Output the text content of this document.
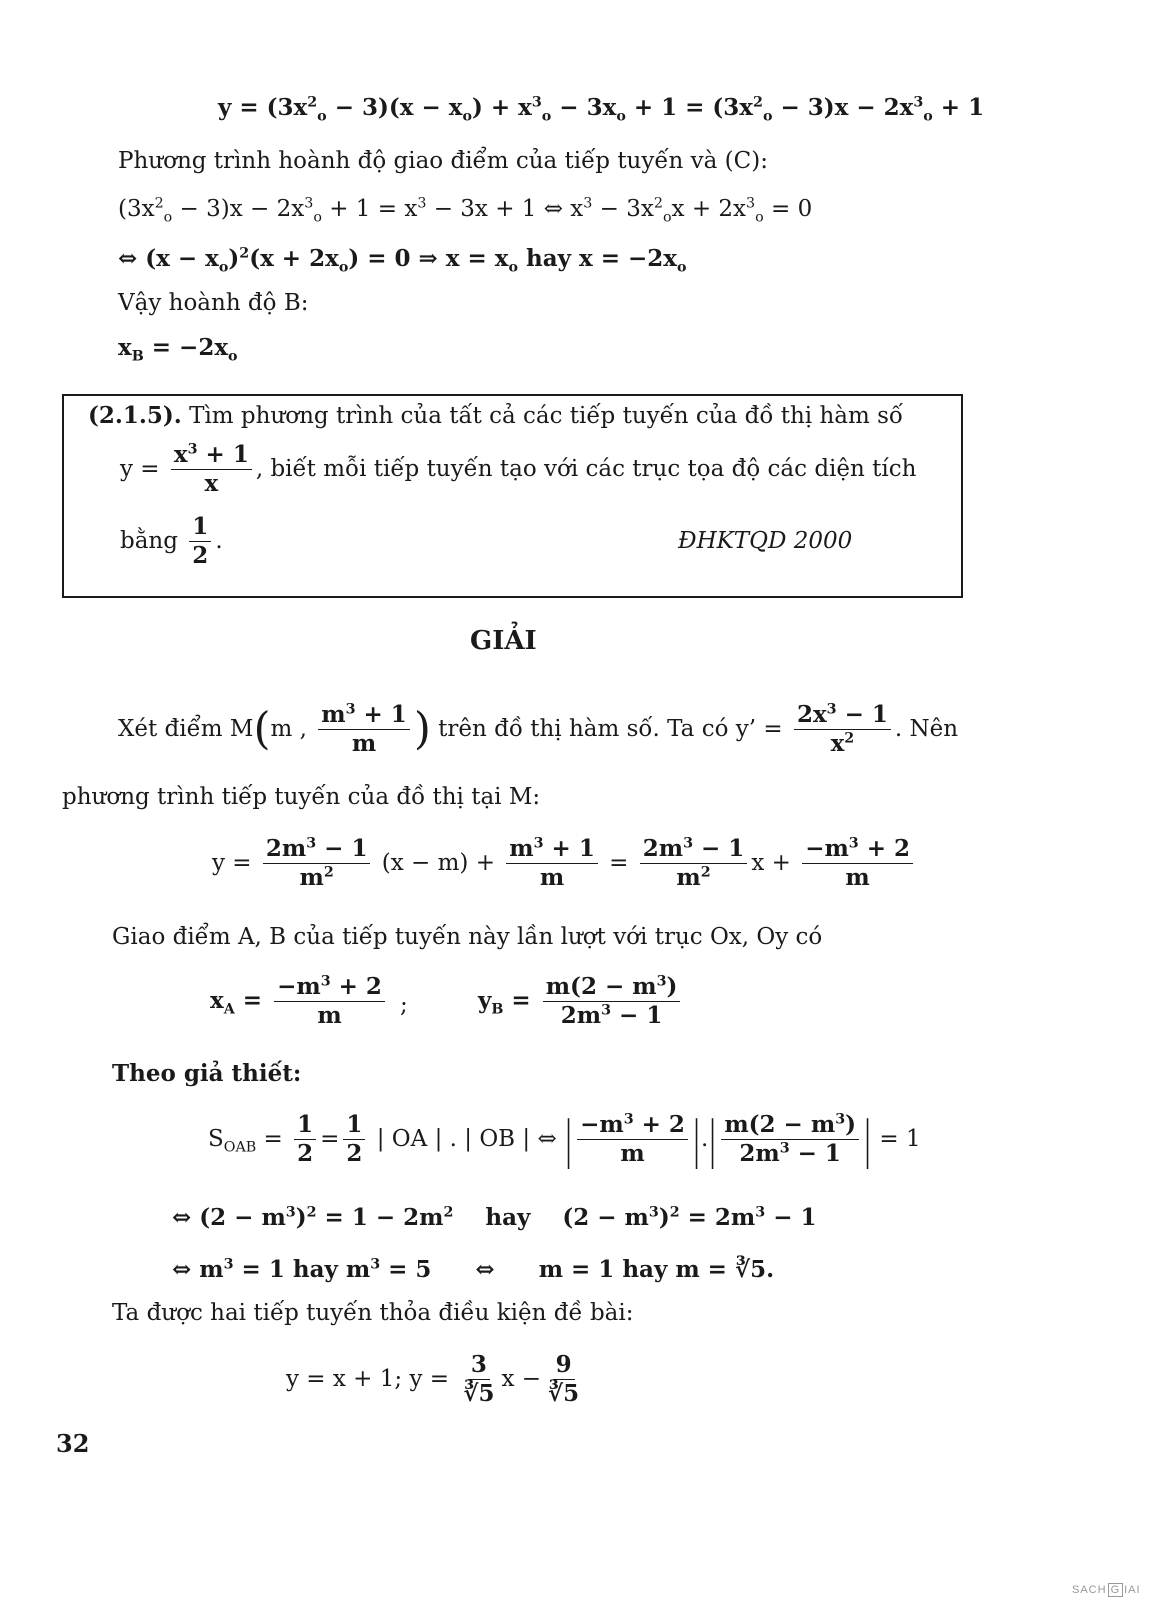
$y = (3x^2_o - 3)(x - x_o) + x^3_o - 3x_o + 1 = (3x^2_o - 3)x - 2x^3_o + 1$
Phương trình hoành độ giao điểm của tiếp tuyến và (C):
$(3x^2_o - 3)x - 2x^3_o + 1 = x^3 - 3x + 1$ ⇔ $x^3 - 3x^2_ox + 2x^3_o = 0$
⇔ $(x - x_o)^2(x + 2x_o) = 0$ ⇒ $x = x_o$ hay $x = -2x_o$
Vậy hoành độ B:
$x_B = -2x_o$
(2.1.5). Tìm phương trình của tất cả các tiếp tuyến của đồ thị hàm số
$y = \frac{x^3 + 1}{x}$ , biết mỗi tiếp tuyến tạo với các trục tọa độ các diện tích
bằng $\frac{1}{2}$ .	ĐHKTQD 2000
GIẢI
Xét điểm M(m , $\frac{m^3 + 1}{m}$ ) trên đồ thị hàm số. Ta có y’ = $\frac{2x^3 - 1}{x^2}$ . Nên
phương trình tiếp tuyến của đồ thị tại M:
$y = \frac{2m^3 - 1}{m^2} (x - m) + \frac{m^3 + 1}{m} = \frac{2m^3 - 1}{m^2}$ $x + \frac{-m^3 + 2}{m}$
Giao điểm A, B của tiếp tuyến này lần lượt với trục Ox, Oy có
$x_A = \frac{-m^3 + 2}{m}$ ;	$y_B = \frac{m(2 - m^3)}{2m^3 - 1}$
Theo giả thiết:
$S_{OAB} = \frac{1}{2} = \frac{1}{2}$ | OA | . | OB | ⇔ | $\frac{-m^3 + 2}{m}$ |.| $\frac{m(2 - m^3)}{2m^3 - 1}$ | = 1
⇔ $(2 - m^3)^2 = 1 - 2m^2$ hay $(2 - m^3)^2 = 2m^3 - 1$
⇔ $m^3 = 1$ hay $m^3 = 5$ ⇔ m = 1 hay m = ∛5.
Ta được hai tiếp tuyến thỏa điều kiện đề bài:
y = x + 1; $y = \frac{3}{∛5}$ $x - \frac{9}{∛5}$
32
SACH G IAI
